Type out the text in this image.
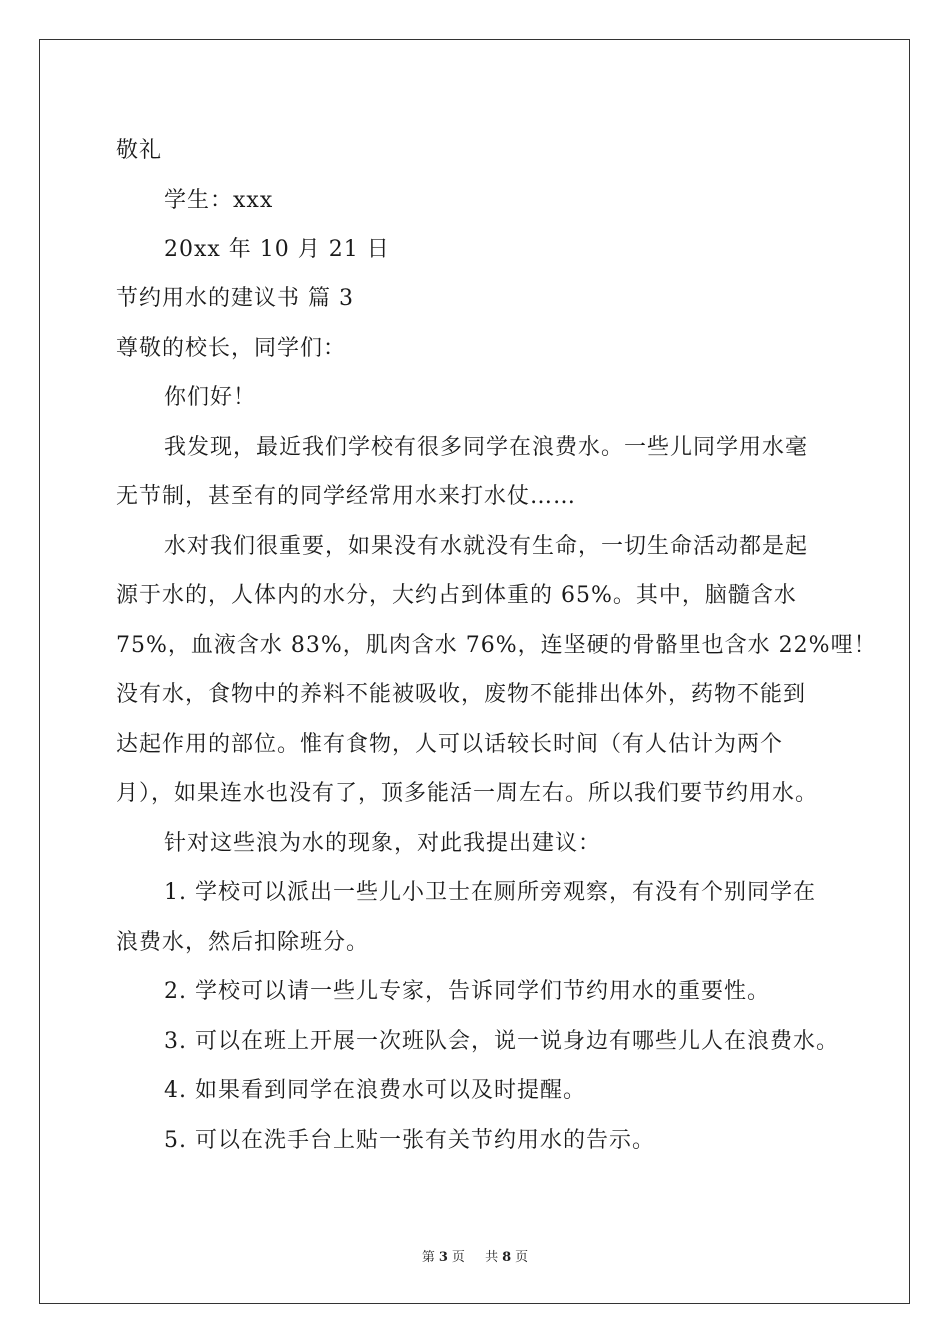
敬礼
学生：xxx
20xx 年 10 月 21 日
节约用水的建议书 篇 3
尊敬的校长，同学们：
你们好！
我发现，最近我们学校有很多同学在浪费水。一些儿同学用水毫
无节制，甚至有的同学经常用水来打水仗……
水对我们很重要，如果没有水就没有生命，一切生命活动都是起
源于水的，人体内的水分，大约占到体重的 65%。其中，脑髓含水
75%，血液含水 83%，肌肉含水 76%，连坚硬的骨骼里也含水 22%哩！
没有水，食物中的养料不能被吸收，废物不能排出体外，药物不能到
达起作用的部位。惟有食物，人可以话较长时间（有人估计为两个
月），如果连水也没有了，顶多能活一周左右。所以我们要节约用水。
针对这些浪为水的现象，对此我提出建议：
1. 学校可以派出一些儿小卫士在厕所旁观察，有没有个别同学在
浪费水，然后扣除班分。
2. 学校可以请一些儿专家，告诉同学们节约用水的重要性。
3. 可以在班上开展一次班队会，说一说身边有哪些儿人在浪费水。
4. 如果看到同学在浪费水可以及时提醒。
5. 可以在洗手台上贴一张有关节约用水的告示。
第 3 页 共 8 页
